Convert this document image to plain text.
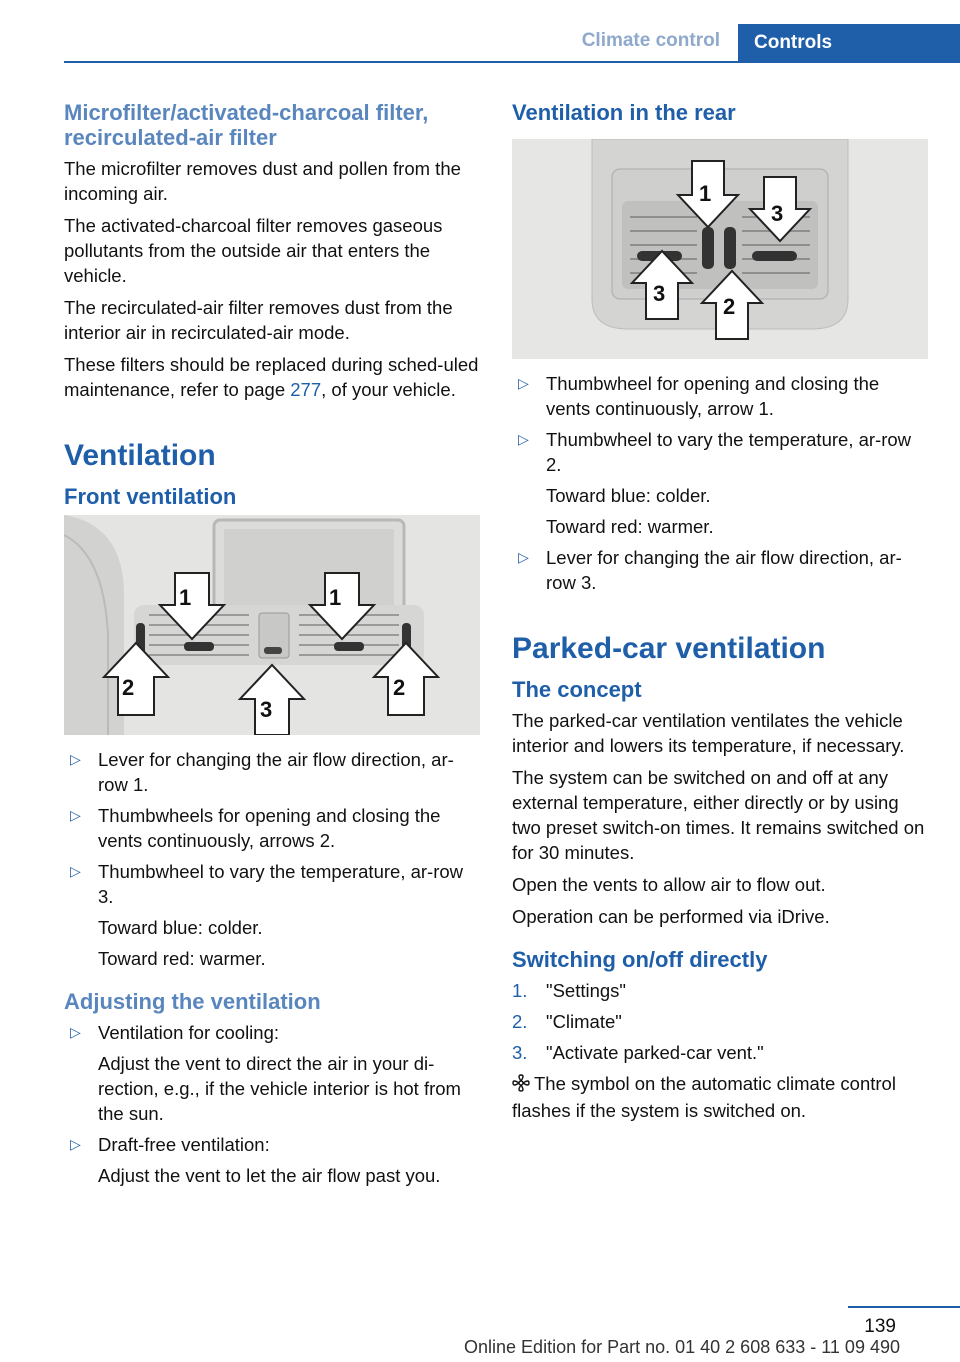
Climate control	Controls
Microfilter/activated-charcoal filter, recirculated-air filter

The microfilter removes dust and pollen from the incoming air.

The activated-charcoal filter removes gaseous pollutants from the outside air that enters the vehicle.

The recirculated-air filter removes dust from the interior air in recirculated-air mode.

These filters should be replaced during sched‐uled maintenance, refer to page 277, of your vehicle.

Ventilation
Front ventilation
1	1
2
3
2
▷ Lever for changing the air flow direction, ar‐row 1.
▷ Thumbwheels for opening and closing the vents continuously, arrows 2.
▷ Thumbwheel to vary the temperature, ar‐row 3.
Toward blue: colder.
Toward red: warmer.
Adjusting the ventilation
▷ Ventilation for cooling:
Adjust the vent to direct the air in your di‐rection, e.g., if the vehicle interior is hot from the sun.
▷ Draft-free ventilation:
Adjust the vent to let the air flow past you.
Ventilation in the rear
1
3
3
2
▷ Thumbwheel for opening and closing the vents continuously, arrow 1.
▷ Thumbwheel to vary the temperature, ar‐row 2.
Toward blue: colder.
Toward red: warmer.
▷ Lever for changing the air flow direction, ar‐row 3.
Parked-car ventilation
The concept

The parked-car ventilation ventilates the vehicle interior and lowers its temperature, if necessary.

The system can be switched on and off at any external temperature, either directly or by using two preset switch-on times. It remains switched on for 30 minutes.

Open the vents to allow air to flow out.

Operation can be performed via iDrive.

Switching on/off directly
1. "Settings"
2. "Climate"
3. "Activate parked-car vent."

The symbol on the automatic climate control flashes if the system is switched on.

139
Online Edition for Part no. 01 40 2 608 633 - 11 09 490
